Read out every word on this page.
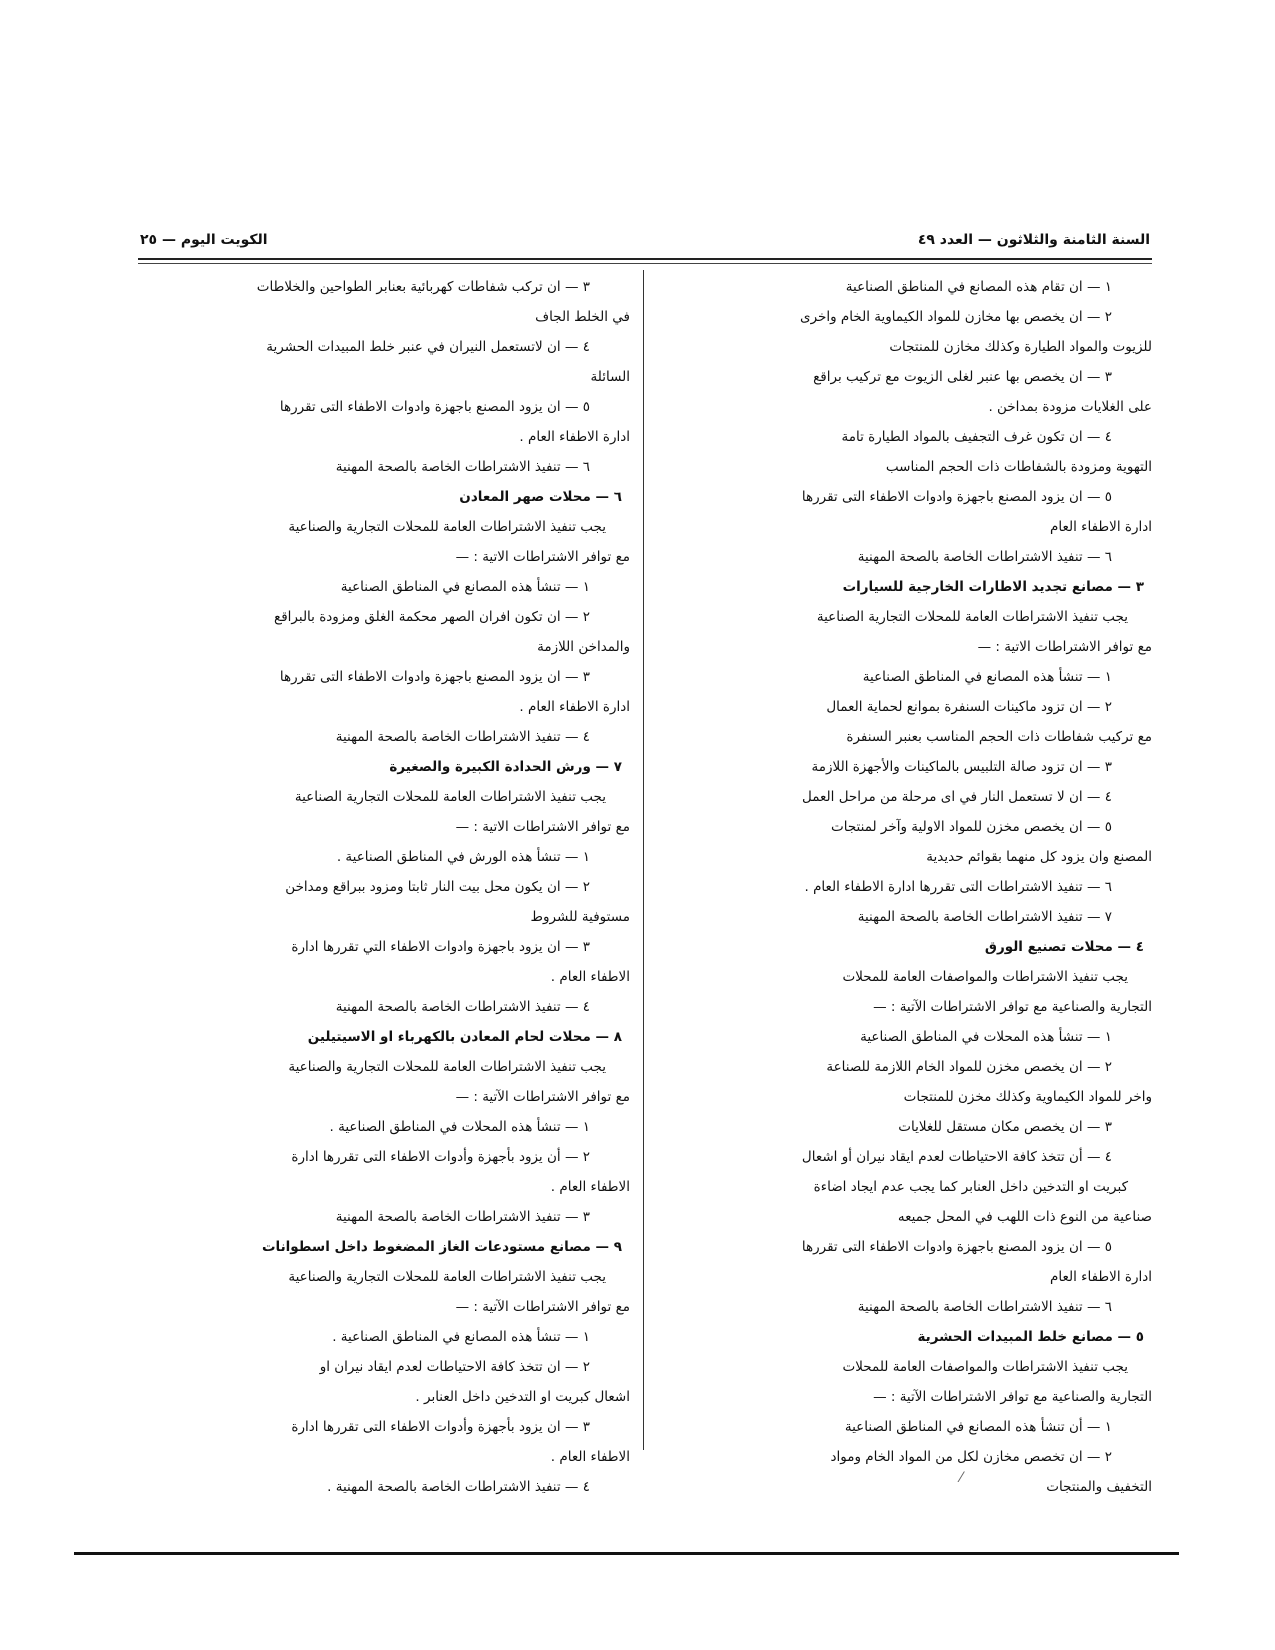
السنة الثامنة والثلاثون — العدد ٤٩
الكويت اليوم — ٢٥
١ — ان تقام هذه المصانع في المناطق الصناعية
٢ — ان يخصص بها مخازن للمواد الكيماوية الخام واخرى
للزيوت والمواد الطيارة وكذلك مخازن للمنتجات
٣ — ان يخصص بها عنبر لغلى الزيوت مع تركيب براقع
على الغلايات مزودة بمداخن .
٤ — ان تكون غرف التجفيف بالمواد الطيارة تامة
التهوية ومزودة بالشفاطات ذات الحجم المناسب
٥ — ان يزود المصنع باجهزة وادوات الاطفاء التى تقررها
ادارة الاطفاء العام
٦ — تنفيذ الاشتراطات الخاصة بالصحة المهنية
٣ — مصانع تجديد الاطارات الخارجية للسيارات
يجب تنفيذ الاشتراطات العامة للمحلات التجارية الصناعية
مع توافر الاشتراطات الاتية : —
١ — تنشأ هذه المصانع في المناطق الصناعية
٢ — ان تزود ماكينات السنفرة بموانع لحماية العمال
مع تركيب شفاطات ذات الحجم المناسب بعنبر السنفرة
٣ — ان تزود صالة التلبيس بالماكينات والأجهزة اللازمة
٤ — ان لا تستعمل النار في اى مرحلة من مراحل العمل
٥ — ان يخصص مخزن للمواد الاولية وآخر لمنتجات
المصنع وان يزود كل منهما بقوائم حديدية
٦ — تنفيذ الاشتراطات التى تقررها ادارة الاطفاء العام .
٧ — تنفيذ الاشتراطات الخاصة بالصحة المهنية
٤ — محلات تصنيع الورق
يجب تنفيذ الاشتراطات والمواصفات العامة للمحلات
التجارية والصناعية مع توافر الاشتراطات الآتية : —
١ — تنشأ هذه المحلات في المناطق الصناعية
٢ — ان يخصص مخزن للمواد الخام اللازمة للصناعة
واخر للمواد الكيماوية وكذلك مخزن للمنتجات
٣ — ان يخصص مكان مستقل للغلايات
٤ — أن تتخذ كافة الاحتياطات لعدم ايقاد نيران أو اشعال
كبريت او التدخين داخل العنابر كما يجب عدم ايجاد اضاءة
صناعية من النوع ذات اللهب في المحل جميعه
٥ — ان يزود المصنع باجهزة وادوات الاطفاء التى تقررها
ادارة الاطفاء العام
٦ — تنفيذ الاشتراطات الخاصة بالصحة المهنية
٥ — مصانع خلط المبيدات الحشرية
يجب تنفيذ الاشتراطات والمواصفات العامة للمحلات
التجارية والصناعية مع توافر الاشتراطات الآتية : —
١ — أن تنشأ هذه المصانع في المناطق الصناعية
٢ — ان تخصص مخازن لكل من المواد الخام ومواد
التخفيف والمنتجات
٣ — ان تركب شفاطات كهربائية بعنابر الطواحين والخلاطات
في الخلط الجاف
٤ — ان لاتستعمل النيران في عنبر خلط المبيدات الحشرية
السائلة
٥ — ان يزود المصنع باجهزة وادوات الاطفاء التى تقررها
ادارة الاطفاء العام .
٦ — تنفيذ الاشتراطات الخاصة بالصحة المهنية
٦ — محلات صهر المعادن
يجب تنفيذ الاشتراطات العامة للمحلات التجارية والصناعية
مع توافر الاشتراطات الاتية : —
١ — تنشأ هذه المصانع في المناطق الصناعية
٢ — ان تكون افران الصهر محكمة الغلق ومزودة بالبراقع
والمداخن اللازمة
٣ — ان يزود المصنع باجهزة وادوات الاطفاء التى تقررها
ادارة الاطفاء العام .
٤ — تنفيذ الاشتراطات الخاصة بالصحة المهنية
٧ — ورش الحدادة الكبيرة والصغيرة
يجب تنفيذ الاشتراطات العامة للمحلات التجارية الصناعية
مع توافر الاشتراطات الاتية : —
١ — تنشأ هذه الورش في المناطق الصناعية .
٢ — ان يكون محل بيت النار ثابتا ومزود ببراقع ومداخن
مستوفية للشروط
٣ — ان يزود باجهزة وادوات الاطفاء التي تقررها ادارة
الاطفاء العام .
٤ — تنفيذ الاشتراطات الخاصة بالصحة المهنية
٨ — محلات لحام المعادن بالكهرباء او الاسيتيلين
يجب تنفيذ الاشتراطات العامة للمحلات التجارية والصناعية
مع توافر الاشتراطات الآتية : —
١ — تنشأ هذه المحلات في المناطق الصناعية .
٢ — أن يزود بأجهزة وأدوات الاطفاء التى تقررها ادارة
الاطفاء العام .
٣ — تنفيذ الاشتراطات الخاصة بالصحة المهنية
٩ — مصانع مستودعات الغاز المضغوط داخل اسطوانات
يجب تنفيذ الاشتراطات العامة للمحلات التجارية والصناعية
مع توافر الاشتراطات الآتية : —
١ — تنشأ هذه المصانع في المناطق الصناعية .
٢ — ان تتخذ كافة الاحتياطات لعدم ايقاد نيران او
اشعال كبريت او التدخين داخل العنابر .
٣ — ان يزود بأجهزة وأدوات الاطفاء التى تقررها ادارة
الاطفاء العام .
٤ — تنفيذ الاشتراطات الخاصة بالصحة المهنية .
⁄
